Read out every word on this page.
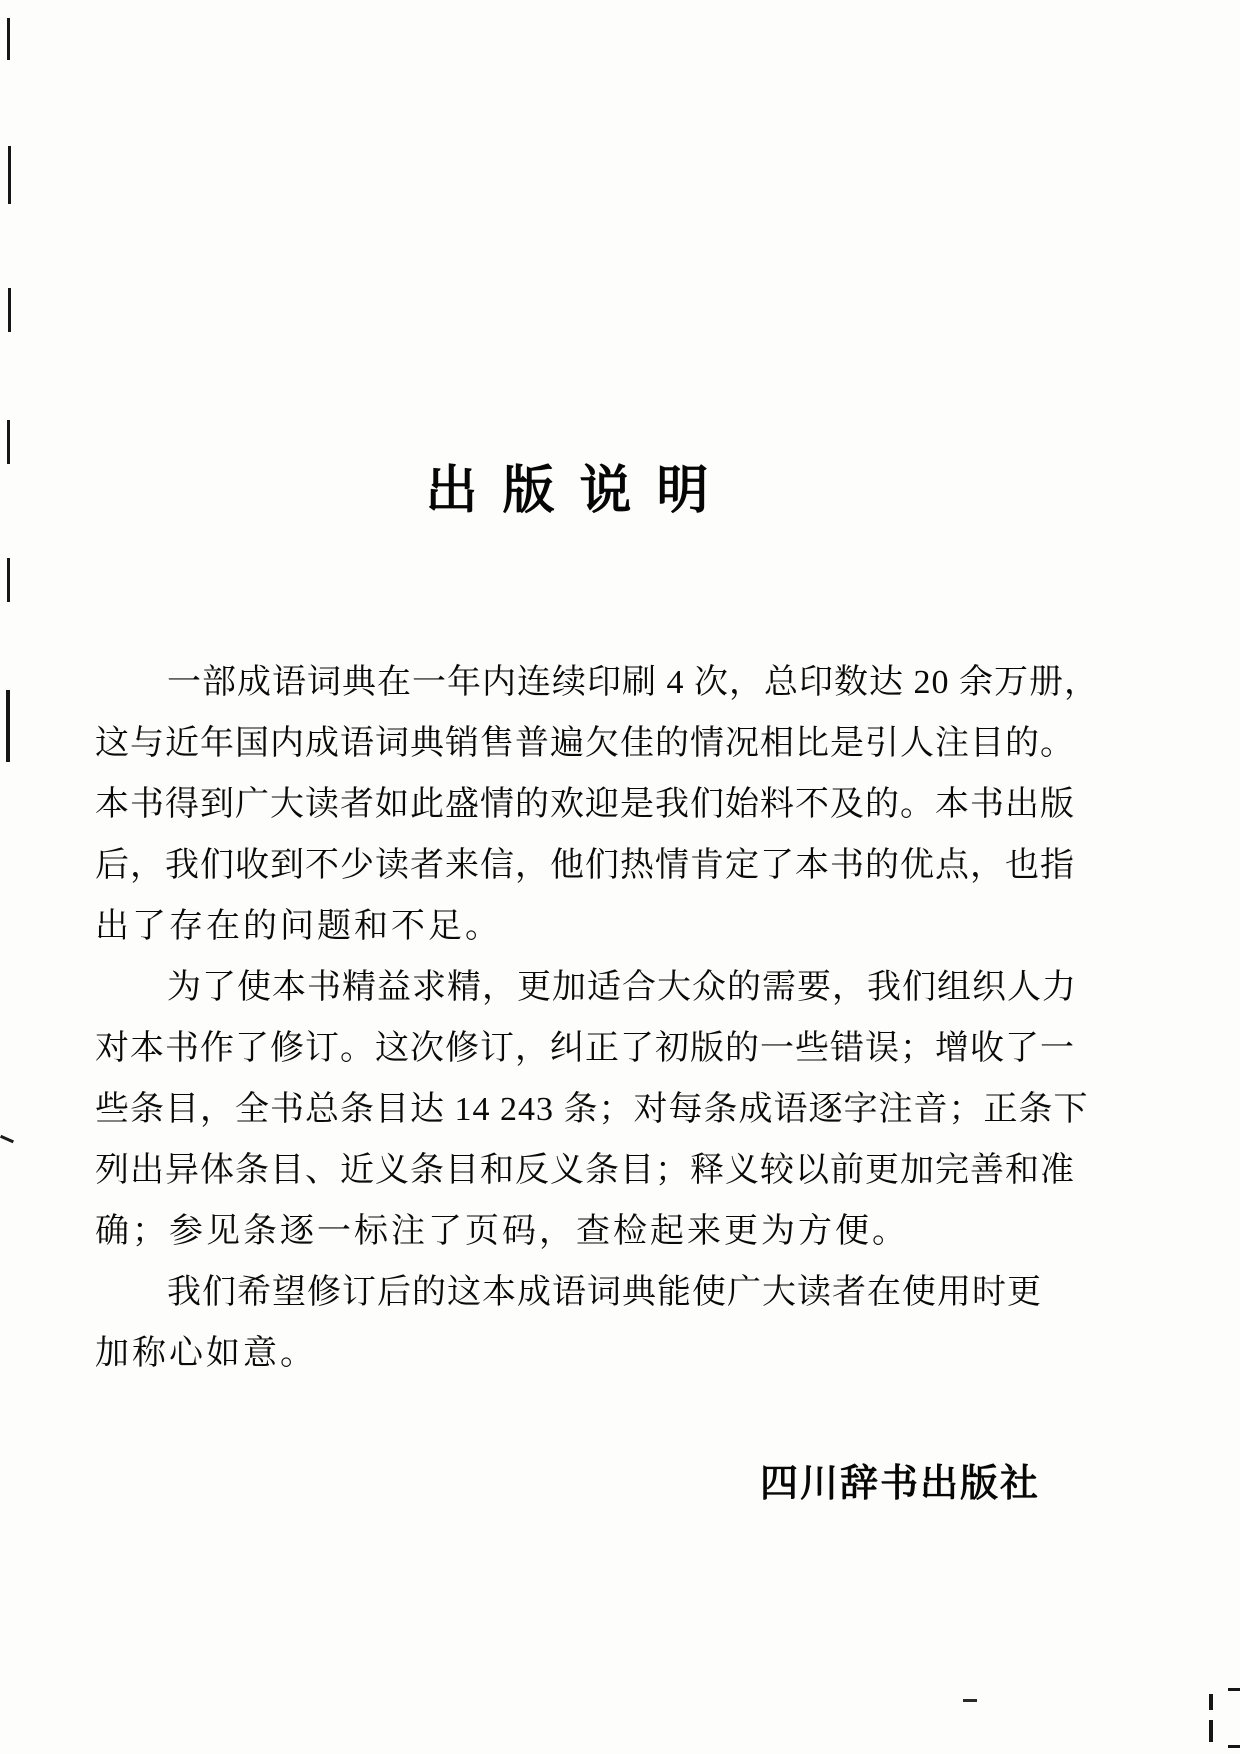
出 版 说 明
一部成语词典在一年内连续印刷 4 次，总印数达 20 余万册，
这与近年国内成语词典销售普遍欠佳的情况相比是引人注目的。
本书得到广大读者如此盛情的欢迎是我们始料不及的。本书出版
后，我们收到不少读者来信，他们热情肯定了本书的优点，也指
出了存在的问题和不足。
为了使本书精益求精，更加适合大众的需要，我们组织人力
对本书作了修订。这次修订，纠正了初版的一些错误；增收了一
些条目，全书总条目达 14 243 条；对每条成语逐字注音；正条下
列出异体条目、近义条目和反义条目；释义较以前更加完善和准
确；参见条逐一标注了页码，查检起来更为方便。
我们希望修订后的这本成语词典能使广大读者在使用时更
加称心如意。
四川辞书出版社
